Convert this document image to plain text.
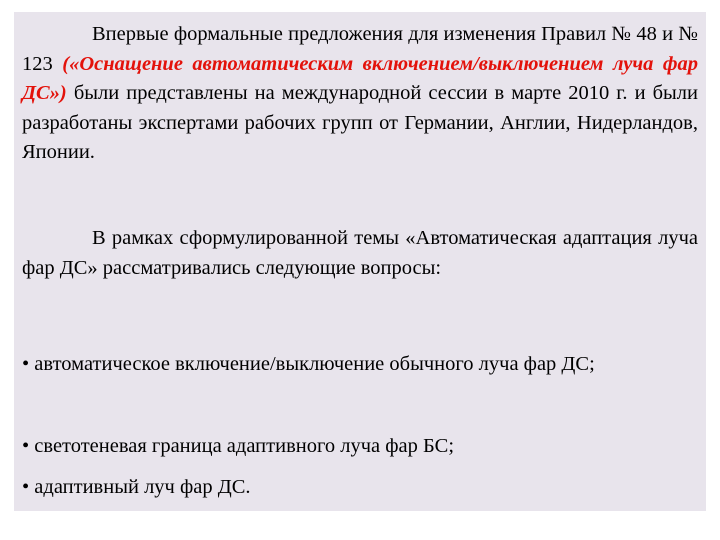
Впервые формальные предложения для изменения Правил № 48 и № 123 («Оснащение автоматическим включением/выключением луча фар ДС») были представлены на международной сессии в марте 2010 г. и были разработаны экспертами рабочих групп от Германии, Англии, Нидерландов, Японии.

В рамках сформулированной темы «Автоматическая адаптация луча фар ДС» рассматривались следующие вопросы:

• автоматическое включение/выключение обычного луча фар ДС;

• светотеневая граница адаптивного луча фар БС;

• адаптивный луч фар ДС.
